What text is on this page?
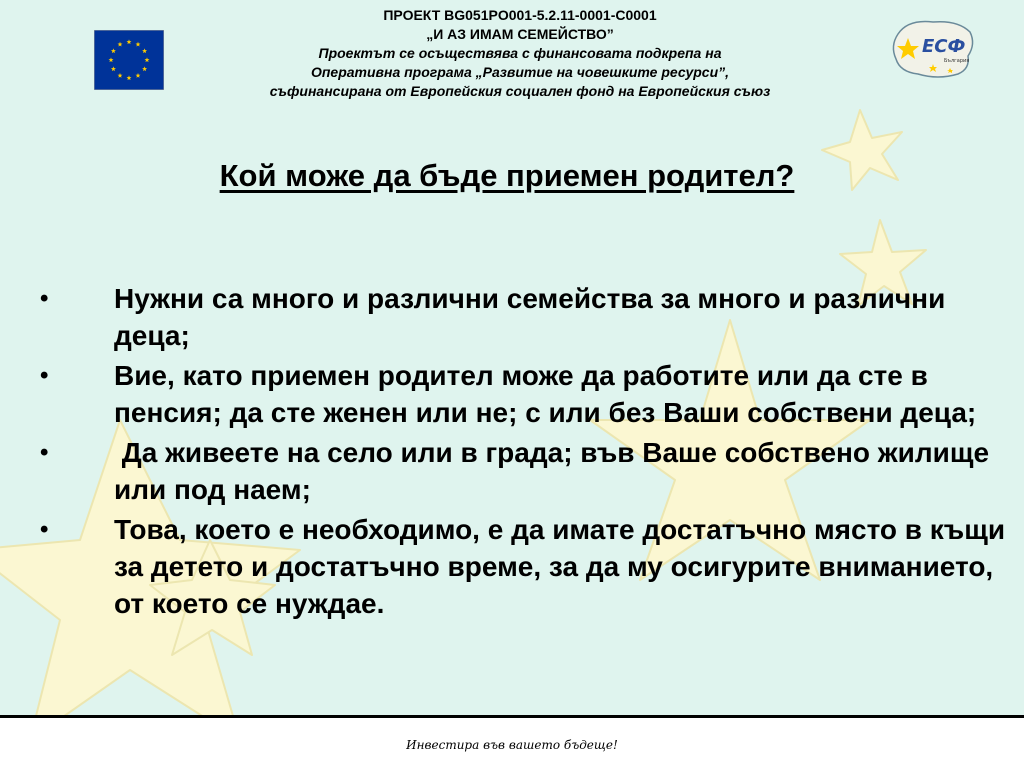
ПРОЕКТ BG051PO001-5.2.11-0001-C0001
„И АЗ ИМАМ СЕМЕЙСТВО”
Проектът се осъществява с финансовата подкрепа на
Оперативна програма „Развитие на човешките ресурси”,
съфинансирана от Европейския социален фонд на Европейския съюз
ЕСФ
България
Кой може да бъде приемен родител?
• Нужни са много и различни семейства за много и различни деца;
• Вие, като приемен родител може да работите или да сте в пенсия; да сте женен или не; с или без Ваши собствени деца;
• Да живеете на село или в града; във Ваше собствено жилище или под наем;
• Това, което е необходимо, е да имате достатъчно място в къщи за детето и достатъчно време, за да му осигурите вниманието, от което се нуждае.
Инвестира във вашето бъдеще!
